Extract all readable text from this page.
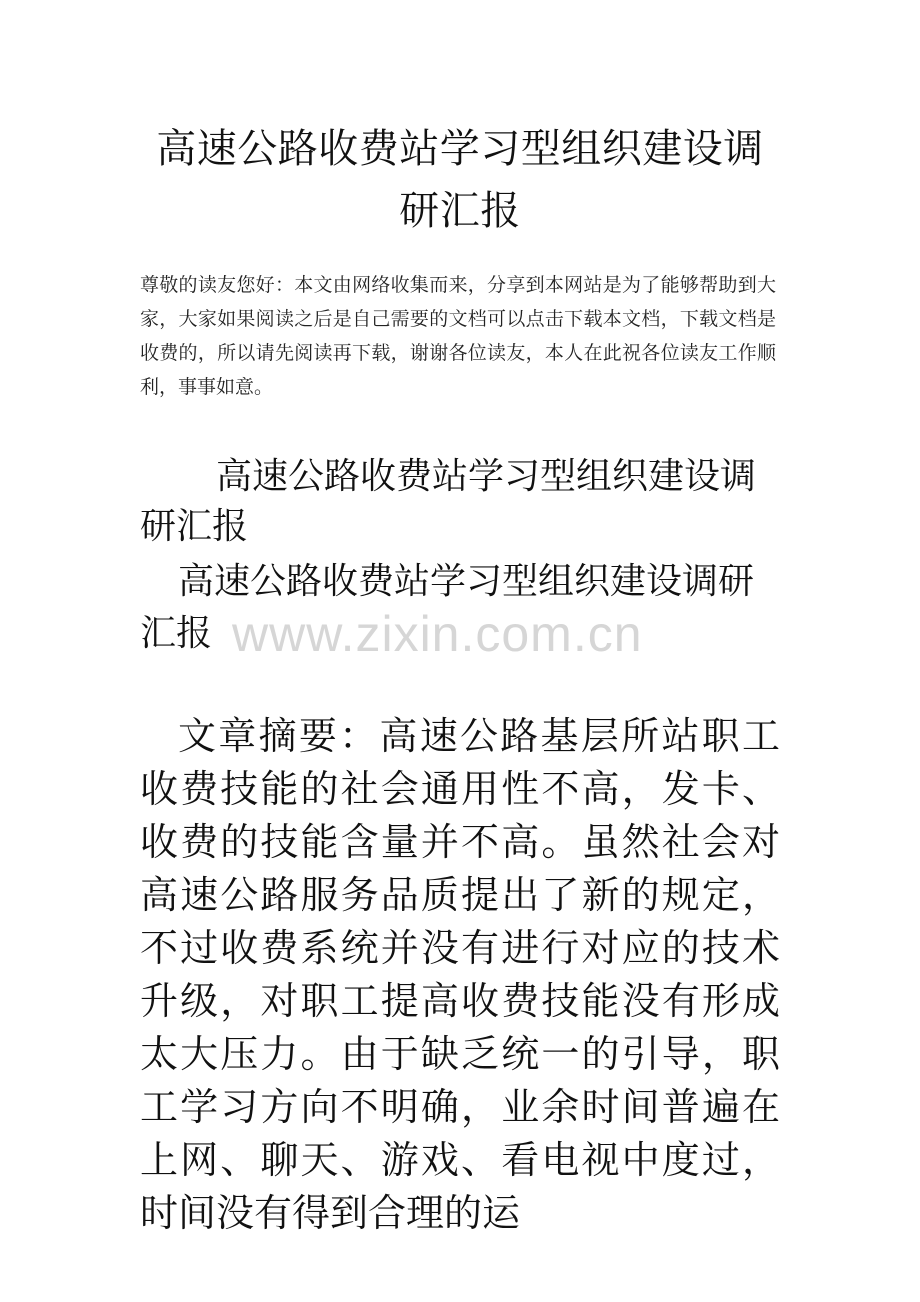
高速公路收费站学习型组织建设调研汇报

尊敬的读友您好：本文由网络收集而来，分享到本网站是为了能够帮助到大家，大家如果阅读之后是自己需要的文档可以点击下载本文档，下载文档是收费的，所以请先阅读再下载，谢谢各位读友，本人在此祝各位读友工作顺利，事事如意。

高速公路收费站学习型组织建设调研汇报
高速公路收费站学习型组织建设调研汇报 www.zixin.com.cn

文章摘要：高速公路基层所站职工收费技能的社会通用性不高，发卡、收费的技能含量并不高。虽然社会对高速公路服务品质提出了新的规定，不过收费系统并没有进行对应的技术升级，对职工提高收费技能没有形成太大压力。由于缺乏统一的引导，职工学习方向不明确，业余时间普遍在上网、聊天、游戏、看电视中度过，时间没有得到合理的运
